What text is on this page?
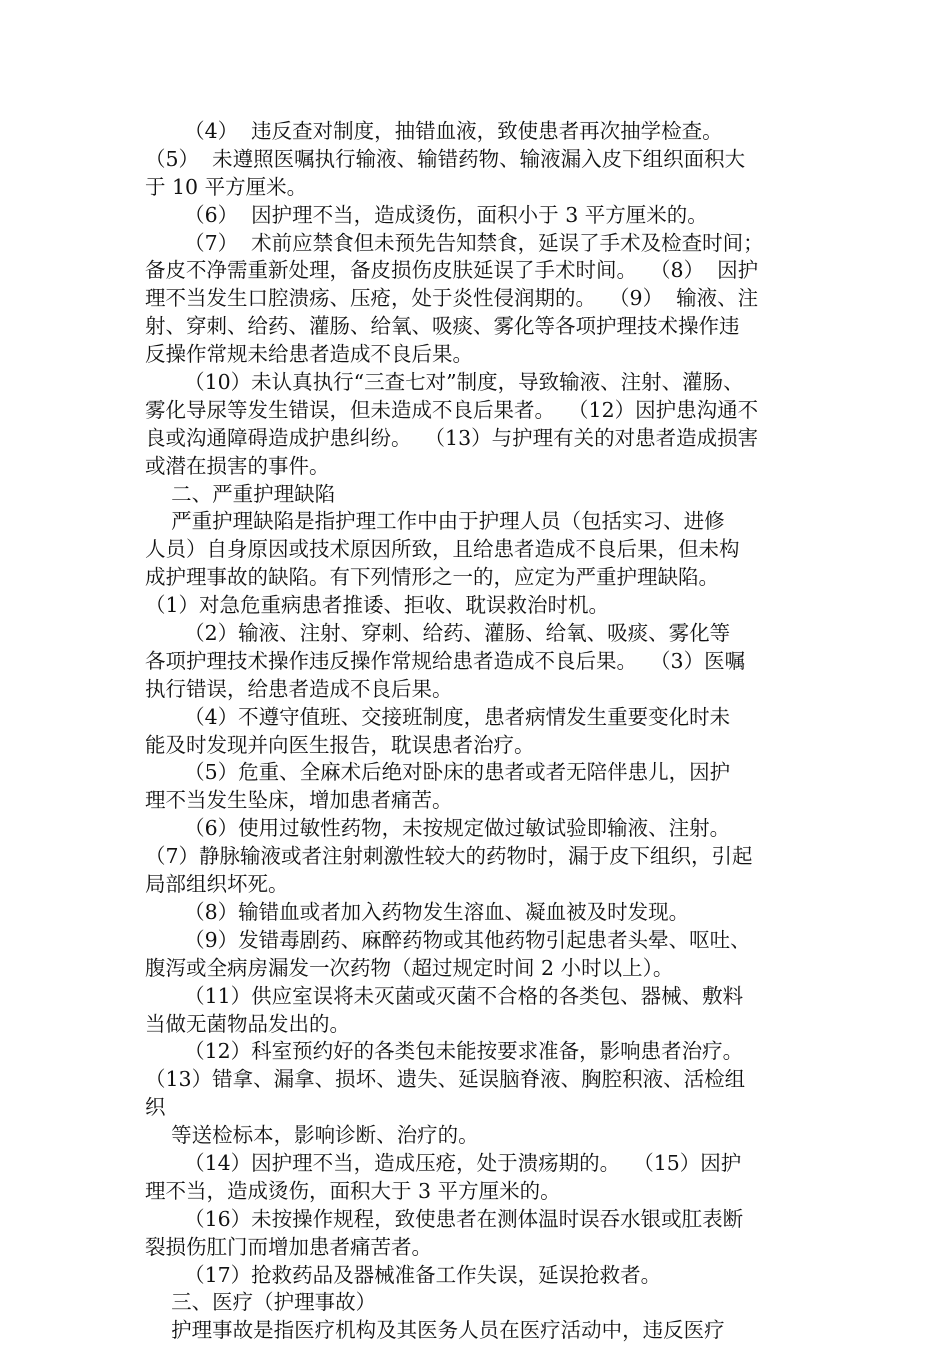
（4）  违反查对制度，抽错血液，致使患者再次抽学检查。
（5）  未遵照医嘱执行输液、输错药物、输液漏入皮下组织面积大
于 10 平方厘米。
（6）  因护理不当，造成烫伤，面积小于 3 平方厘米的。
（7）  术前应禁食但未预先告知禁食，延误了手术及检查时间；
备皮不净需重新处理，备皮损伤皮肤延误了手术时间。  （8）  因护
理不当发生口腔溃疡、压疮，处于炎性侵润期的。  （9）  输液、注
射、穿刺、给药、灌肠、给氧、吸痰、雾化等各项护理技术操作违
反操作常规未给患者造成不良后果。
（10）未认真执行“三查七对”制度，导致输液、注射、灌肠、
雾化导尿等发生错误，但未造成不良后果者。  （12）因护患沟通不
良或沟通障碍造成护患纠纷。  （13）与护理有关的对患者造成损害
或潜在损害的事件。
二、严重护理缺陷
严重护理缺陷是指护理工作中由于护理人员（包括实习、进修
人员）自身原因或技术原因所致，且给患者造成不良后果，但未构
成护理事故的缺陷。有下列情形之一的，应定为严重护理缺陷。
（1）对急危重病患者推诿、拒收、耽误救治时机。
（2）输液、注射、穿刺、给药、灌肠、给氧、吸痰、雾化等
各项护理技术操作违反操作常规给患者造成不良后果。  （3）医嘱
执行错误，给患者造成不良后果。
（4）不遵守值班、交接班制度，患者病情发生重要变化时未
能及时发现并向医生报告，耽误患者治疗。
（5）危重、全麻术后绝对卧床的患者或者无陪伴患儿，因护
理不当发生坠床，增加患者痛苦。
（6）使用过敏性药物，未按规定做过敏试验即输液、注射。
（7）静脉输液或者注射刺激性较大的药物时，漏于皮下组织，引起
局部组织坏死。
（8）输错血或者加入药物发生溶血、凝血被及时发现。
（9）发错毒剧药、麻醉药物或其他药物引起患者头晕、呕吐、
腹泻或全病房漏发一次药物（超过规定时间 2 小时以上）。
（11）供应室误将未灭菌或灭菌不合格的各类包、器械、敷料
当做无菌物品发出的。
（12）科室预约好的各类包未能按要求准备，影响患者治疗。
（13）错拿、漏拿、损坏、遗失、延误脑脊液、胸腔积液、活检组
织
等送检标本，影响诊断、治疗的。
（14）因护理不当，造成压疮，处于溃疡期的。  （15）因护
理不当，造成烫伤，面积大于 3 平方厘米的。
（16）未按操作规程，致使患者在测体温时误吞水银或肛表断
裂损伤肛门而增加患者痛苦者。
（17）抢救药品及器械准备工作失误，延误抢救者。
三、医疗（护理事故）
护理事故是指医疗机构及其医务人员在医疗活动中，违反医疗
